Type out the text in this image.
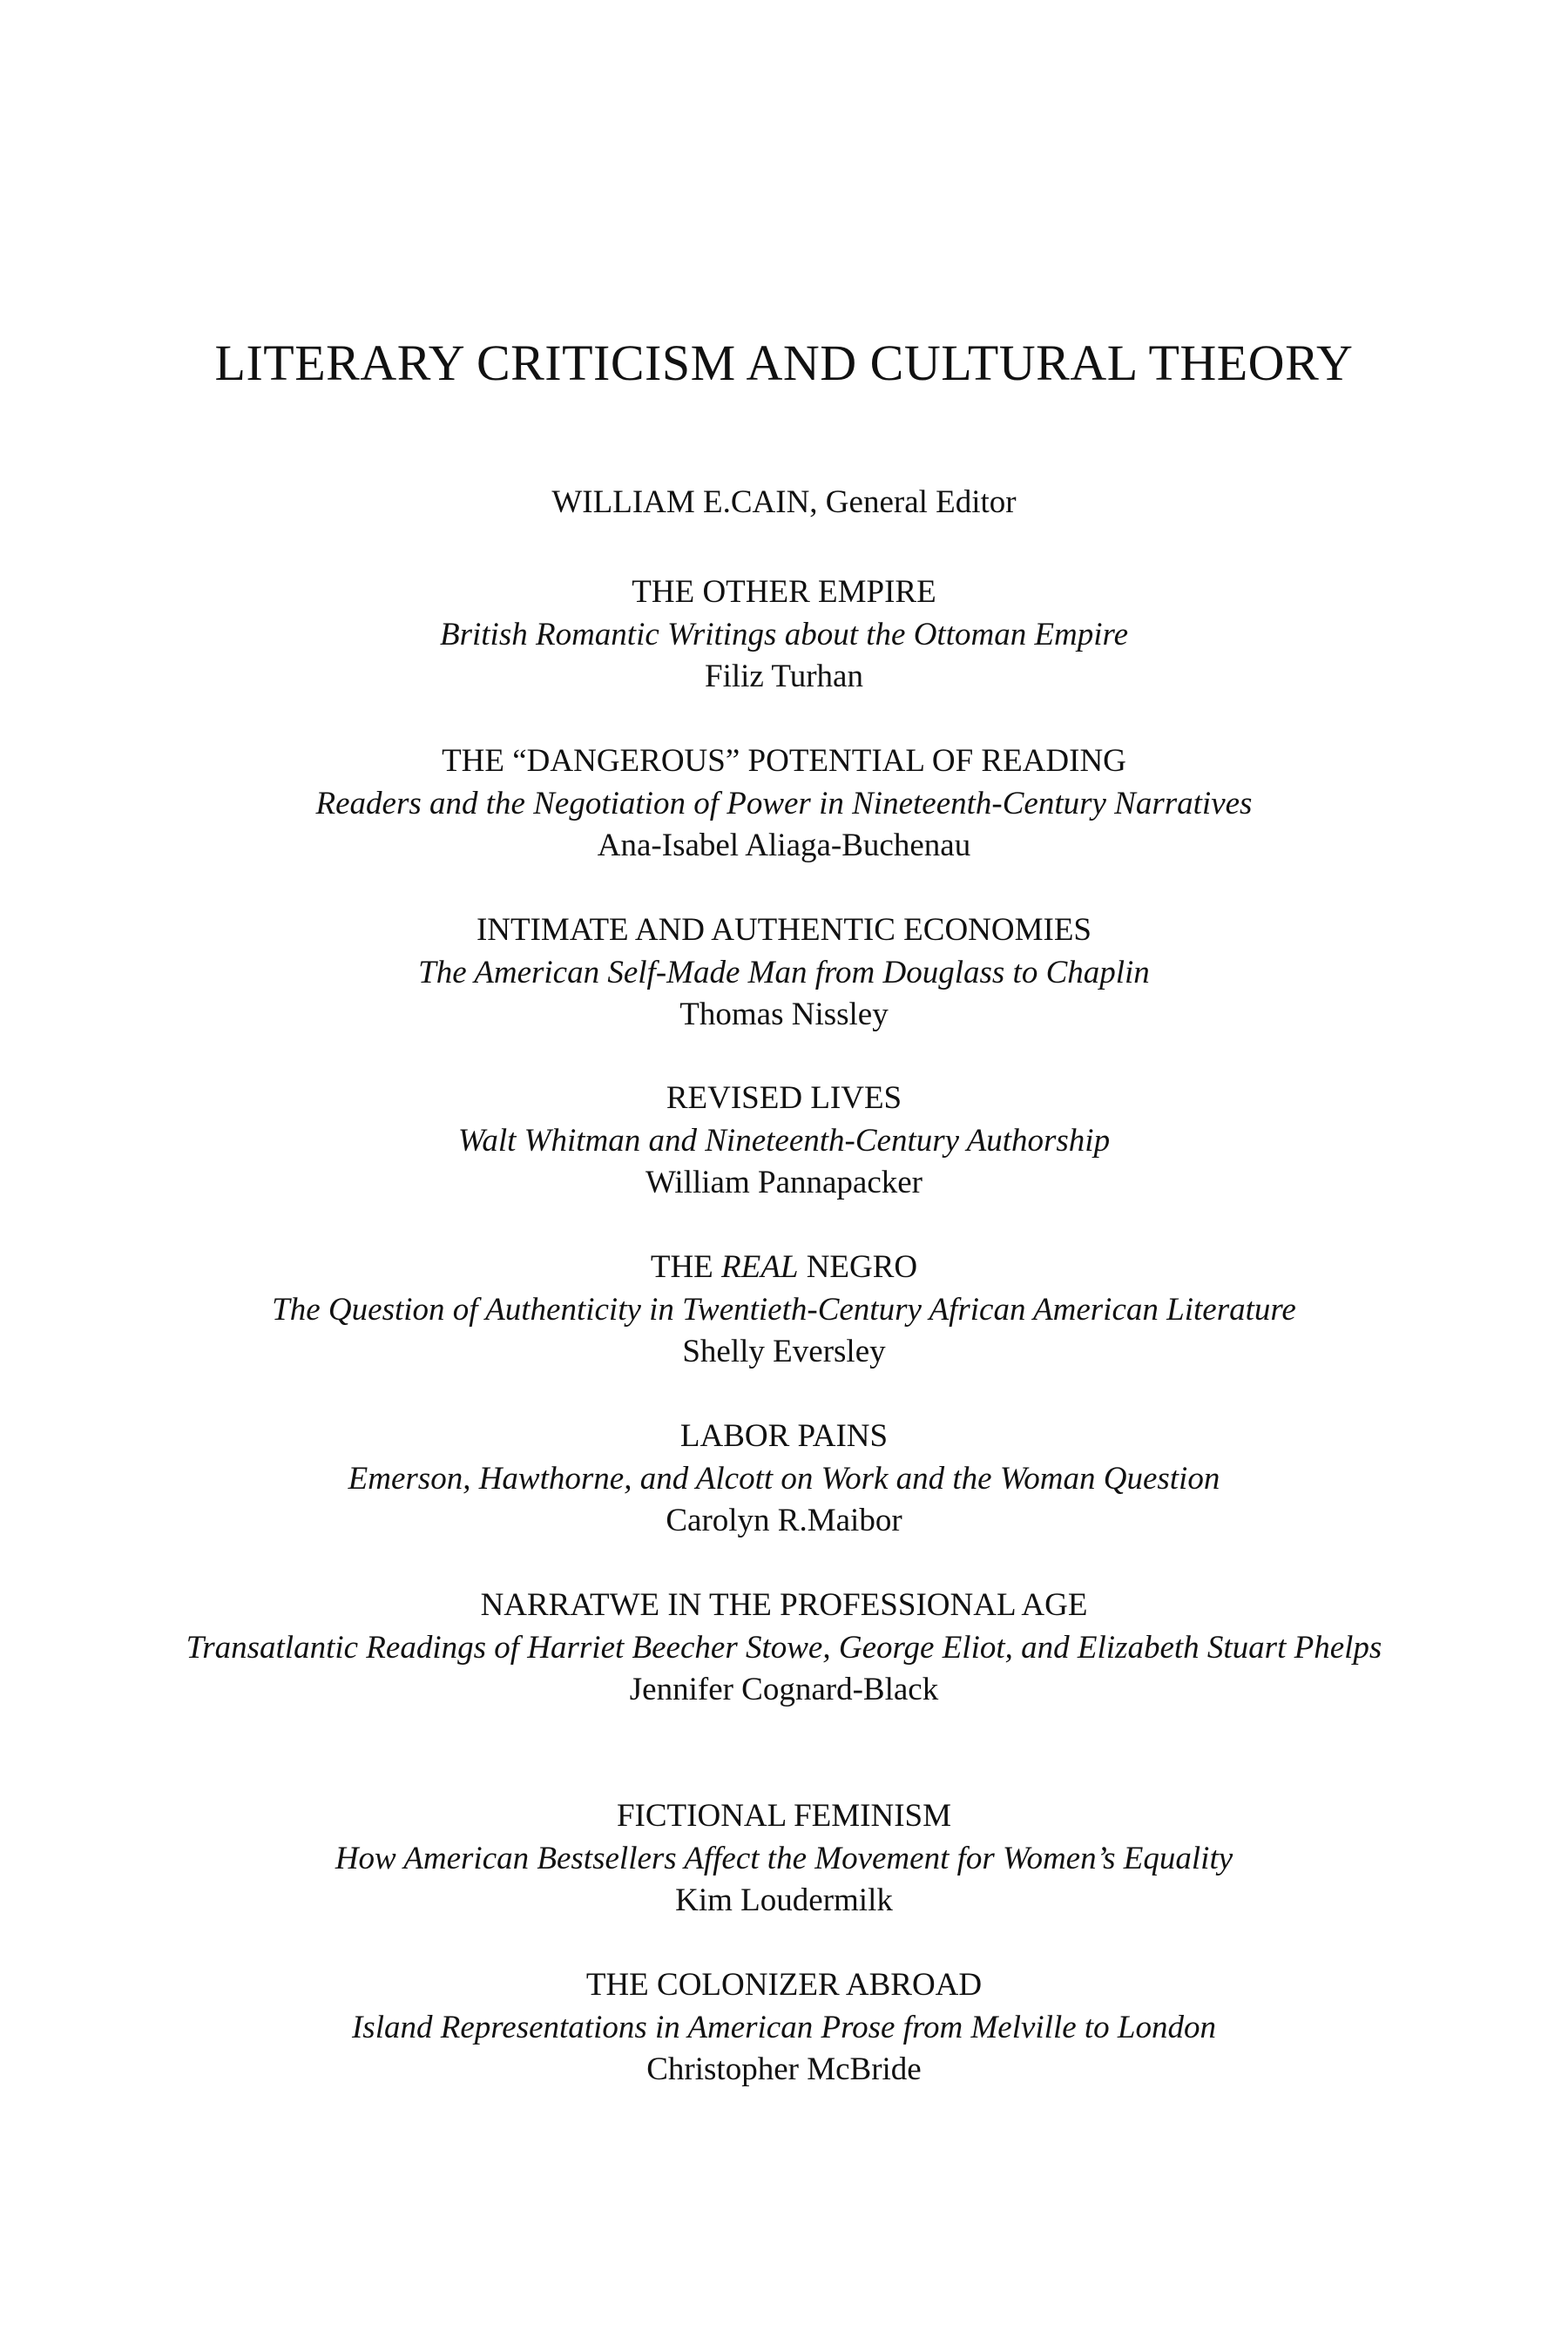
LITERARY CRITICISM AND CULTURAL THEORY
WILLIAM E.CAIN, General Editor
THE OTHER EMPIRE
British Romantic Writings about the Ottoman Empire
Filiz Turhan
THE “DANGEROUS” POTENTIAL OF READING
Readers and the Negotiation of Power in Nineteenth-Century Narratives
Ana-Isabel Aliaga-Buchenau
INTIMATE AND AUTHENTIC ECONOMIES
The American Self-Made Man from Douglass to Chaplin
Thomas Nissley
REVISED LIVES
Walt Whitman and Nineteenth-Century Authorship
William Pannapacker
THE REAL NEGRO
The Question of Authenticity in Twentieth-Century African American Literature
Shelly Eversley
LABOR PAINS
Emerson, Hawthorne, and Alcott on Work and the Woman Question
Carolyn R.Maibor
NARRATWE IN THE PROFESSIONAL AGE
Transatlantic Readings of Harriet Beecher Stowe, George Eliot, and Elizabeth Stuart Phelps
Jennifer Cognard-Black
FICTIONAL FEMINISM
How American Bestsellers Affect the Movement for Women’s Equality
Kim Loudermilk
THE COLONIZER ABROAD
Island Representations in American Prose from Melville to London
Christopher McBride
